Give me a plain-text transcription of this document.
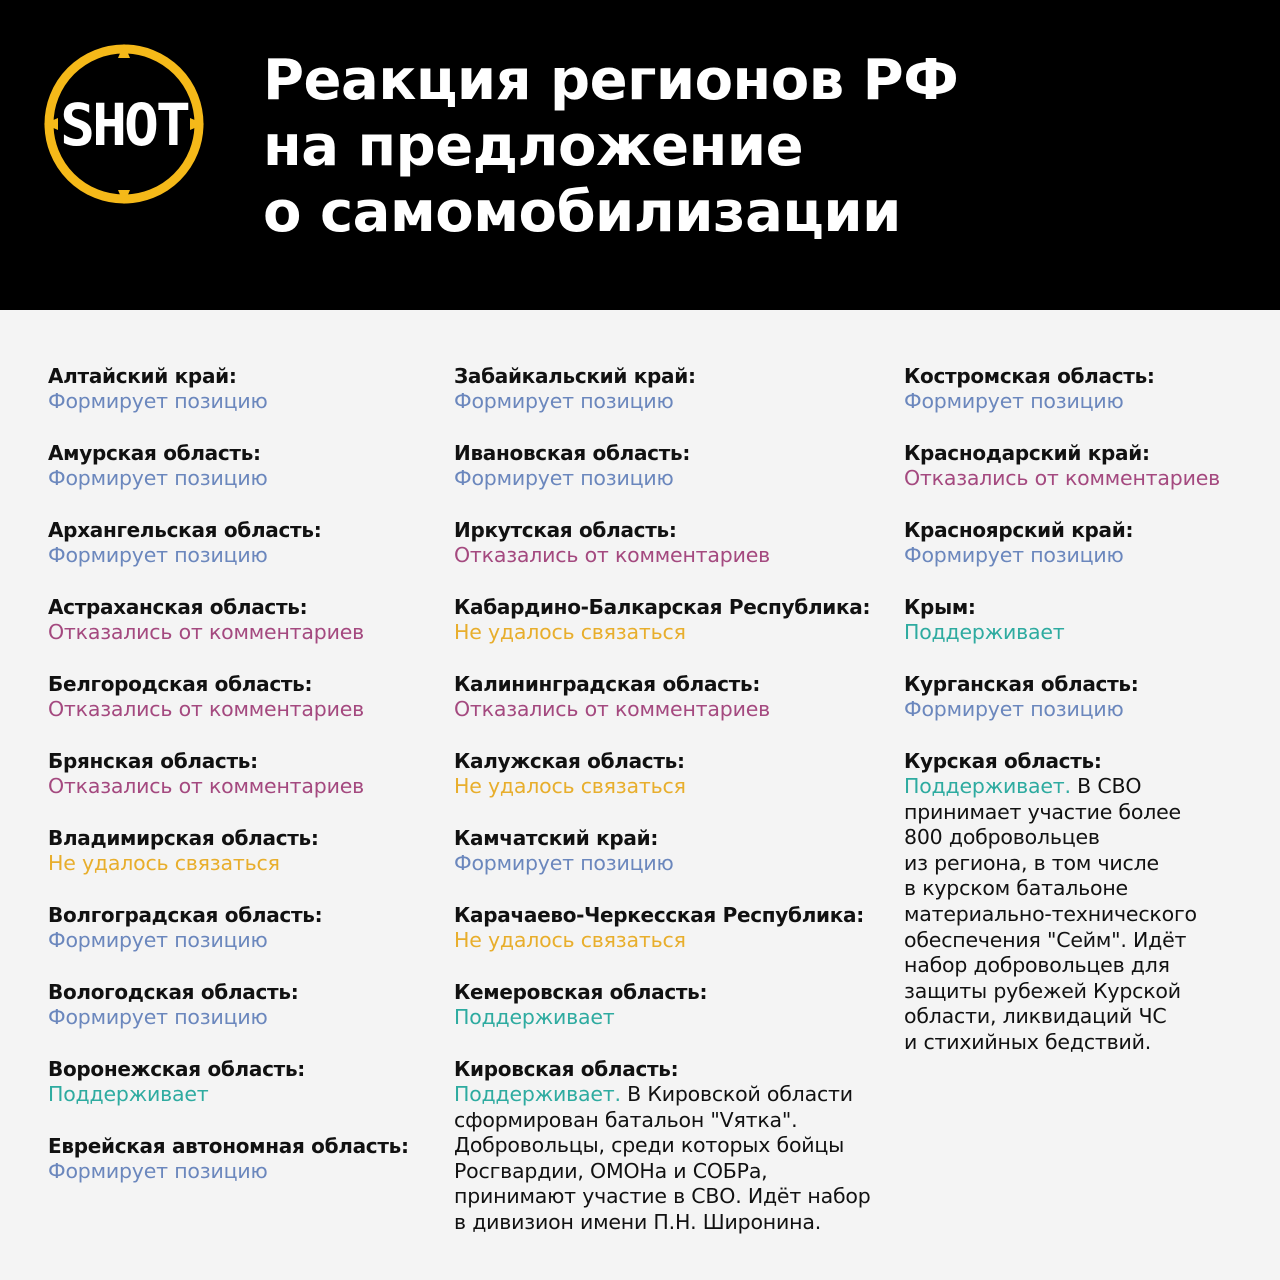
SHOT
Реакция регионов РФ
на предложение
о самомобилизации
Алтайский край:
Формирует позицию
Амурская область:
Формирует позицию
Архангельская область:
Формирует позицию
Астраханская область:
Отказались от комментариев
Белгородская область:
Отказались от комментариев
Брянская область:
Отказались от комментариев
Владимирская область:
Не удалось связаться
Волгоградская область:
Формирует позицию
Вологодская область:
Формирует позицию
Воронежская область:
Поддерживает
Еврейская автономная область:
Формирует позицию
Забайкальский край:
Формирует позицию
Ивановская область:
Формирует позицию
Иркутская область:
Отказались от комментариев
Кабардино-Балкарская Республика:
Не удалось связаться
Калининградская область:
Отказались от комментариев
Калужская область:
Не удалось связаться
Камчатский край:
Формирует позицию
Карачаево-Черкесская Республика:
Не удалось связаться
Кемеровская область:
Поддерживает
Кировская область:
Поддерживает. В Кировской области
сформирован батальон "Vятка".
Добровольцы, среди которых бойцы
Росгвардии, ОМОНа и СОБРа,
принимают участие в СВО. Идёт набор
в дивизион имени П.Н. Широнина.
Костромская область:
Формирует позицию
Краснодарский край:
Отказались от комментариев
Красноярский край:
Формирует позицию
Крым:
Поддерживает
Курганская область:
Формирует позицию
Курская область:
Поддерживает. В СВО
принимает участие более
800 добровольцев
из региона, в том числе
в курском батальоне
материально-технического
обеспечения "Сейм". Идёт
набор добровольцев для
защиты рубежей Курской
области, ликвидаций ЧС
и стихийных бедствий.
